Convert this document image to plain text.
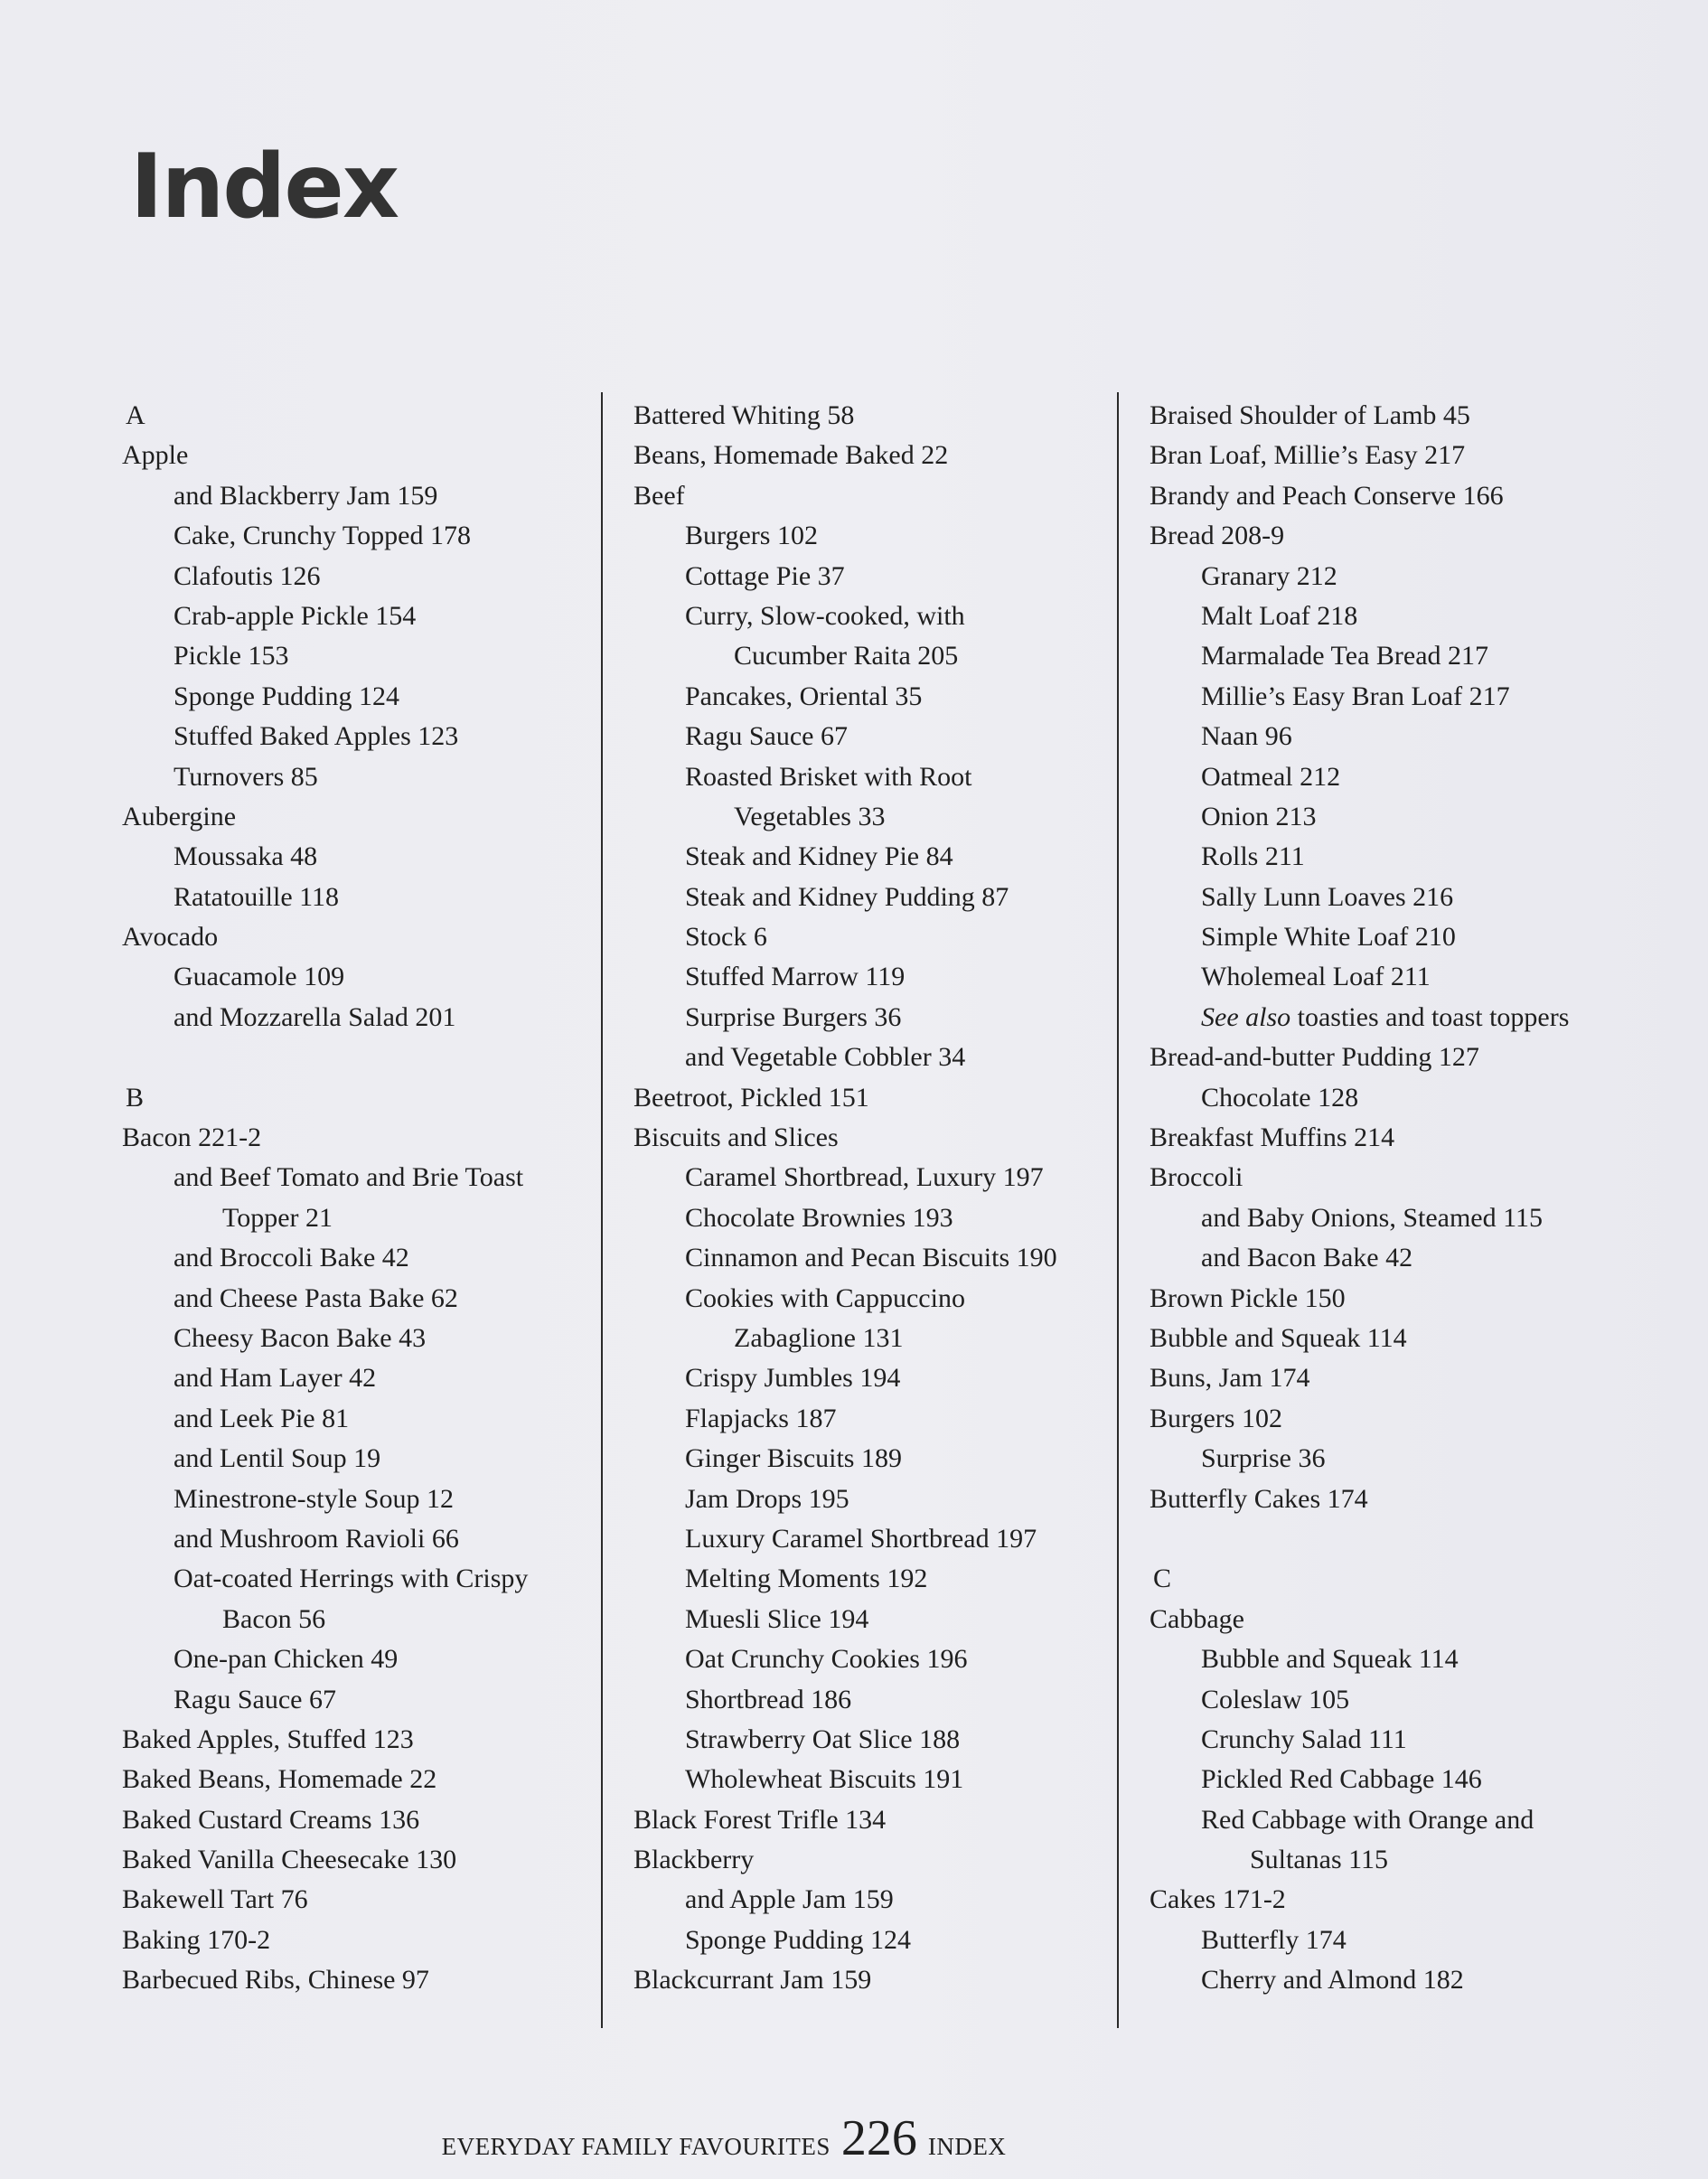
Index
A
Apple
and Blackberry Jam 159
Cake, Crunchy Topped 178
Clafoutis 126
Crab-apple Pickle 154
Pickle 153
Sponge Pudding 124
Stuffed Baked Apples 123
Turnovers 85
Aubergine
Moussaka 48
Ratatouille 118
Avocado
Guacamole 109
and Mozzarella Salad 201
B
Bacon 221-2
and Beef Tomato and Brie Toast
Topper 21
and Broccoli Bake 42
and Cheese Pasta Bake 62
Cheesy Bacon Bake 43
and Ham Layer 42
and Leek Pie 81
and Lentil Soup 19
Minestrone-style Soup 12
and Mushroom Ravioli 66
Oat-coated Herrings with Crispy
Bacon 56
One-pan Chicken 49
Ragu Sauce 67
Baked Apples, Stuffed 123
Baked Beans, Homemade 22
Baked Custard Creams 136
Baked Vanilla Cheesecake 130
Bakewell Tart 76
Baking 170-2
Barbecued Ribs, Chinese 97
Battered Whiting 58
Beans, Homemade Baked 22
Beef
Burgers 102
Cottage Pie 37
Curry, Slow-cooked, with
Cucumber Raita 205
Pancakes, Oriental 35
Ragu Sauce 67
Roasted Brisket with Root
Vegetables 33
Steak and Kidney Pie 84
Steak and Kidney Pudding 87
Stock 6
Stuffed Marrow 119
Surprise Burgers 36
and Vegetable Cobbler 34
Beetroot, Pickled 151
Biscuits and Slices
Caramel Shortbread, Luxury 197
Chocolate Brownies 193
Cinnamon and Pecan Biscuits 190
Cookies with Cappuccino
Zabaglione 131
Crispy Jumbles 194
Flapjacks 187
Ginger Biscuits 189
Jam Drops 195
Luxury Caramel Shortbread 197
Melting Moments 192
Muesli Slice 194
Oat Crunchy Cookies 196
Shortbread 186
Strawberry Oat Slice 188
Wholewheat Biscuits 191
Black Forest Trifle 134
Blackberry
and Apple Jam 159
Sponge Pudding 124
Blackcurrant Jam 159
Braised Shoulder of Lamb 45
Bran Loaf, Millie’s Easy 217
Brandy and Peach Conserve 166
Bread 208-9
Granary 212
Malt Loaf 218
Marmalade Tea Bread 217
Millie’s Easy Bran Loaf 217
Naan 96
Oatmeal 212
Onion 213
Rolls 211
Sally Lunn Loaves 216
Simple White Loaf 210
Wholemeal Loaf 211
See also toasties and toast toppers
Bread-and-butter Pudding 127
Chocolate 128
Breakfast Muffins 214
Broccoli
and Baby Onions, Steamed 115
and Bacon Bake 42
Brown Pickle 150
Bubble and Squeak 114
Buns, Jam 174
Burgers 102
Surprise 36
Butterfly Cakes 174
C
Cabbage
Bubble and Squeak 114
Coleslaw 105
Crunchy Salad 111
Pickled Red Cabbage 146
Red Cabbage with Orange and
Sultanas 115
Cakes 171-2
Butterfly 174
Cherry and Almond 182
EVERYDAY FAMILY FAVOURITES 226 INDEX
